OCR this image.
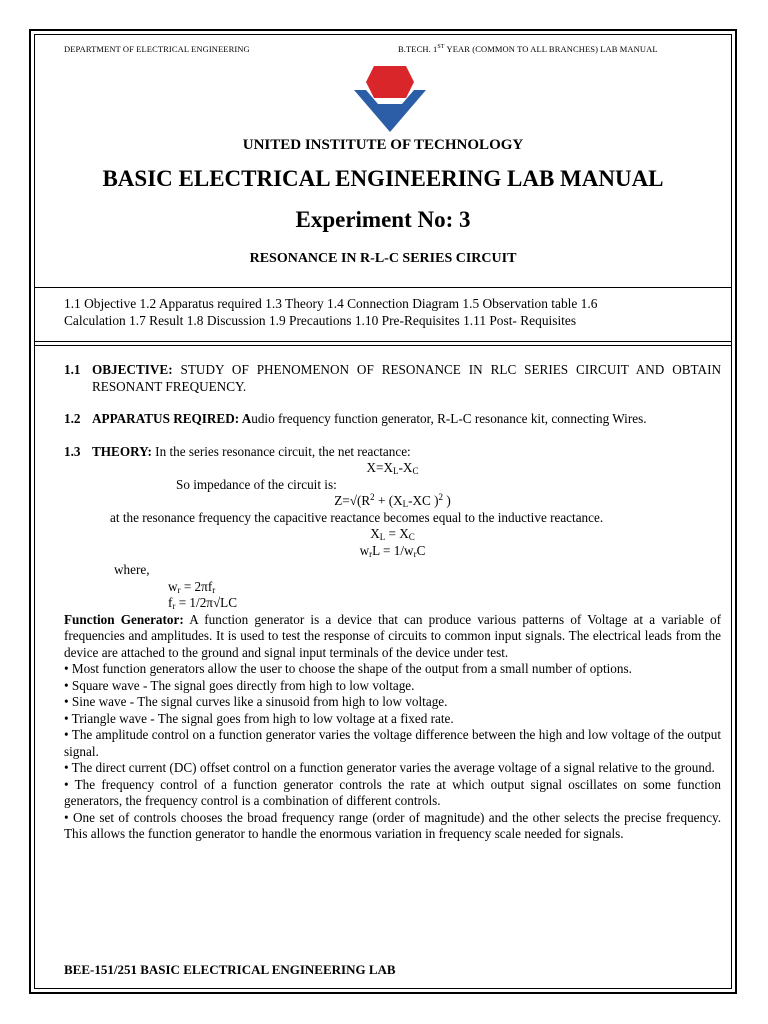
DEPARTMENT OF ELECTRICAL ENGINEERING	B.TECH. 1ST YEAR (COMMON TO ALL BRANCHES) LAB MANUAL
UNITED INSTITUTE OF TECHNOLOGY
BASIC ELECTRICAL ENGINEERING LAB MANUAL
Experiment No: 3
RESONANCE IN R-L-C SERIES CIRCUIT
1.1 Objective 1.2 Apparatus required 1.3 Theory 1.4 Connection Diagram 1.5 Observation table 1.6
Calculation 1.7 Result 1.8 Discussion 1.9 Precautions 1.10 Pre-Requisites 1.11 Post- Requisites
1.1 OBJECTIVE: STUDY OF PHENOMENON OF RESONANCE IN RLC SERIES CIRCUIT AND OBTAIN RESONANT FREQUENCY.
1.2 APPARATUS REQIRED: Audio frequency function generator, R-L-C resonance kit, connecting Wires.
1.3 THEORY: In the series resonance circuit, the net reactance:
$X=X_L-X_C$
So impedance of the circuit is:
$Z=√(R^2 + (X_L-XC$ )$^2$ )
at the resonance frequency the capacitive reactance becomes equal to the inductive reactance.
$X_L = X_C$
$w_rL = 1/w_rC$
where,
$w_r = 2\pi f_r$
$f_r = 1/2\pi√LC$
Function Generator: A function generator is a device that can produce various patterns of Voltage at a variable of frequencies and amplitudes. It is used to test the response of circuits to common input signals. The electrical leads from the device are attached to the ground and signal input terminals of the device under test.
• Most function generators allow the user to choose the shape of the output from a small number of options.
• Square wave - The signal goes directly from high to low voltage.
• Sine wave - The signal curves like a sinusoid from high to low voltage.
• Triangle wave - The signal goes from high to low voltage at a fixed rate.
• The amplitude control on a function generator varies the voltage difference between the high and low voltage of the output signal.
• The direct current (DC) offset control on a function generator varies the average voltage of a signal relative to the ground.
• The frequency control of a function generator controls the rate at which output signal oscillates on some function generators, the frequency control is a combination of different controls.
• One set of controls chooses the broad frequency range (order of magnitude) and the other selects the precise frequency. This allows the function generator to handle the enormous variation in frequency scale needed for signals.
BEE-151/251 BASIC ELECTRICAL ENGINEERING LAB
